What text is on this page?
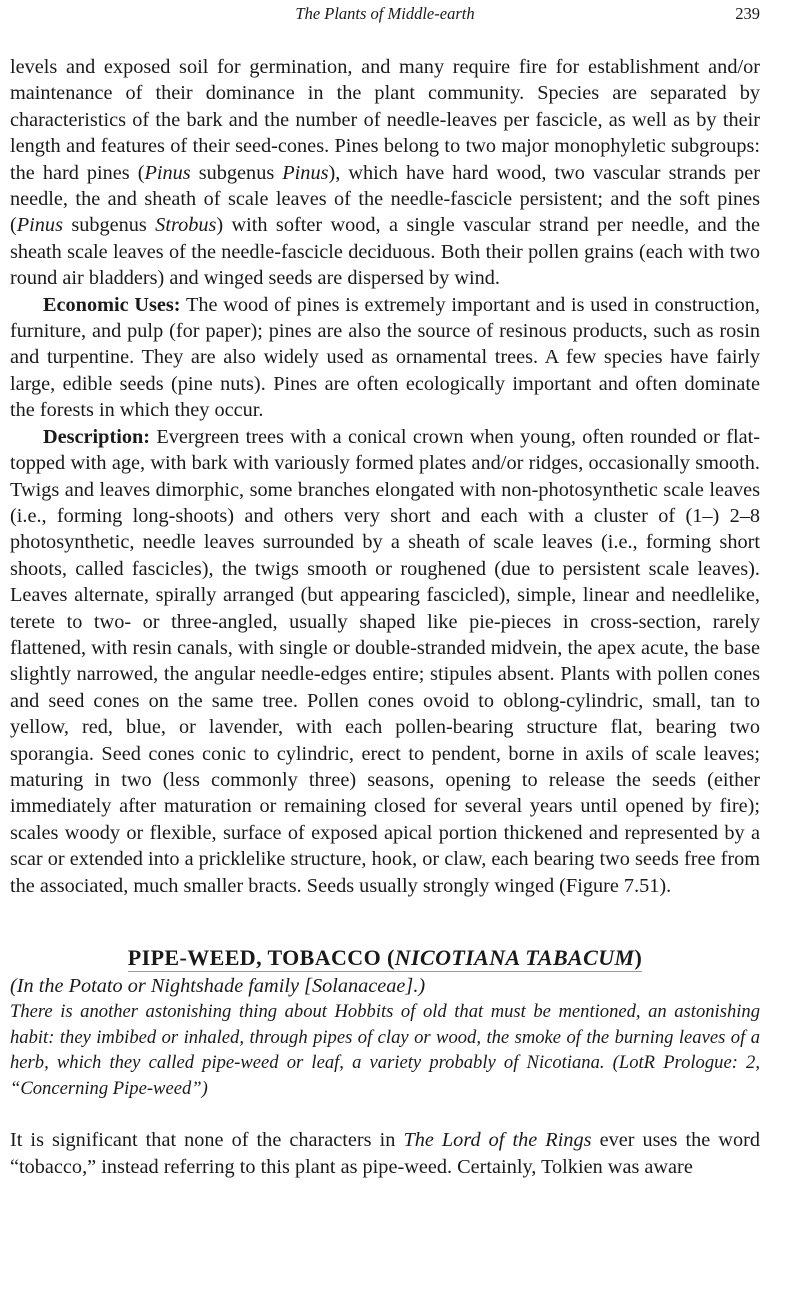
The Plants of Middle-earth	239

levels and exposed soil for germination, and many require fire for establishment and/or maintenance of their dominance in the plant community. Species are separated by characteristics of the bark and the number of needle-leaves per fascicle, as well as by their length and features of their seed-cones. Pines belong to two major monophyletic subgroups: the hard pines (Pinus subgenus Pinus), which have hard wood, two vascular strands per needle, the and sheath of scale leaves of the needle-fascicle persistent; and the soft pines (Pinus subgenus Strobus) with softer wood, a single vascular strand per needle, and the sheath scale leaves of the needle-fascicle deciduous. Both their pollen grains (each with two round air bladders) and winged seeds are dispersed by wind.

Economic Uses: The wood of pines is extremely important and is used in construction, furniture, and pulp (for paper); pines are also the source of resinous products, such as rosin and turpentine. They are also widely used as ornamental trees. A few species have fairly large, edible seeds (pine nuts). Pines are often ecologically important and often dominate the forests in which they occur.

Description: Evergreen trees with a conical crown when young, often rounded or flat-topped with age, with bark with variously formed plates and/or ridges, occasionally smooth. Twigs and leaves dimorphic, some branches elongated with non-photosynthetic scale leaves (i.e., forming long-shoots) and others very short and each with a cluster of (1–) 2–8 photosynthetic, needle leaves surrounded by a sheath of scale leaves (i.e., forming short shoots, called fascicles), the twigs smooth or roughened (due to persistent scale leaves). Leaves alternate, spirally arranged (but appearing fascicled), simple, linear and needlelike, terete to two- or three-angled, usually shaped like pie-pieces in cross-section, rarely flattened, with resin canals, with single or double-stranded midvein, the apex acute, the base slightly narrowed, the angular needle-edges entire; stipules absent. Plants with pollen cones and seed cones on the same tree. Pollen cones ovoid to oblong-cylindric, small, tan to yellow, red, blue, or lavender, with each pollen-bearing structure flat, bearing two sporangia. Seed cones conic to cylindric, erect to pendent, borne in axils of scale leaves; maturing in two (less commonly three) seasons, opening to release the seeds (either immediately after maturation or remaining closed for several years until opened by fire); scales woody or flexible, surface of exposed apical portion thickened and represented by a scar or extended into a pricklelike structure, hook, or claw, each bearing two seeds free from the associated, much smaller bracts. Seeds usually strongly winged (Figure 7.51).

PIPE-WEED, TOBACCO (NICOTIANA TABACUM)

(In the Potato or Nightshade family [Solanaceae].)

There is another astonishing thing about Hobbits of old that must be mentioned, an astonishing habit: they imbibed or inhaled, through pipes of clay or wood, the smoke of the burning leaves of a herb, which they called pipe-weed or leaf, a variety probably of Nicotiana. (LotR Prologue: 2, “Concerning Pipe-weed”)

It is significant that none of the characters in The Lord of the Rings ever uses the word “tobacco,” instead referring to this plant as pipe-weed. Certainly, Tolkien was aware
